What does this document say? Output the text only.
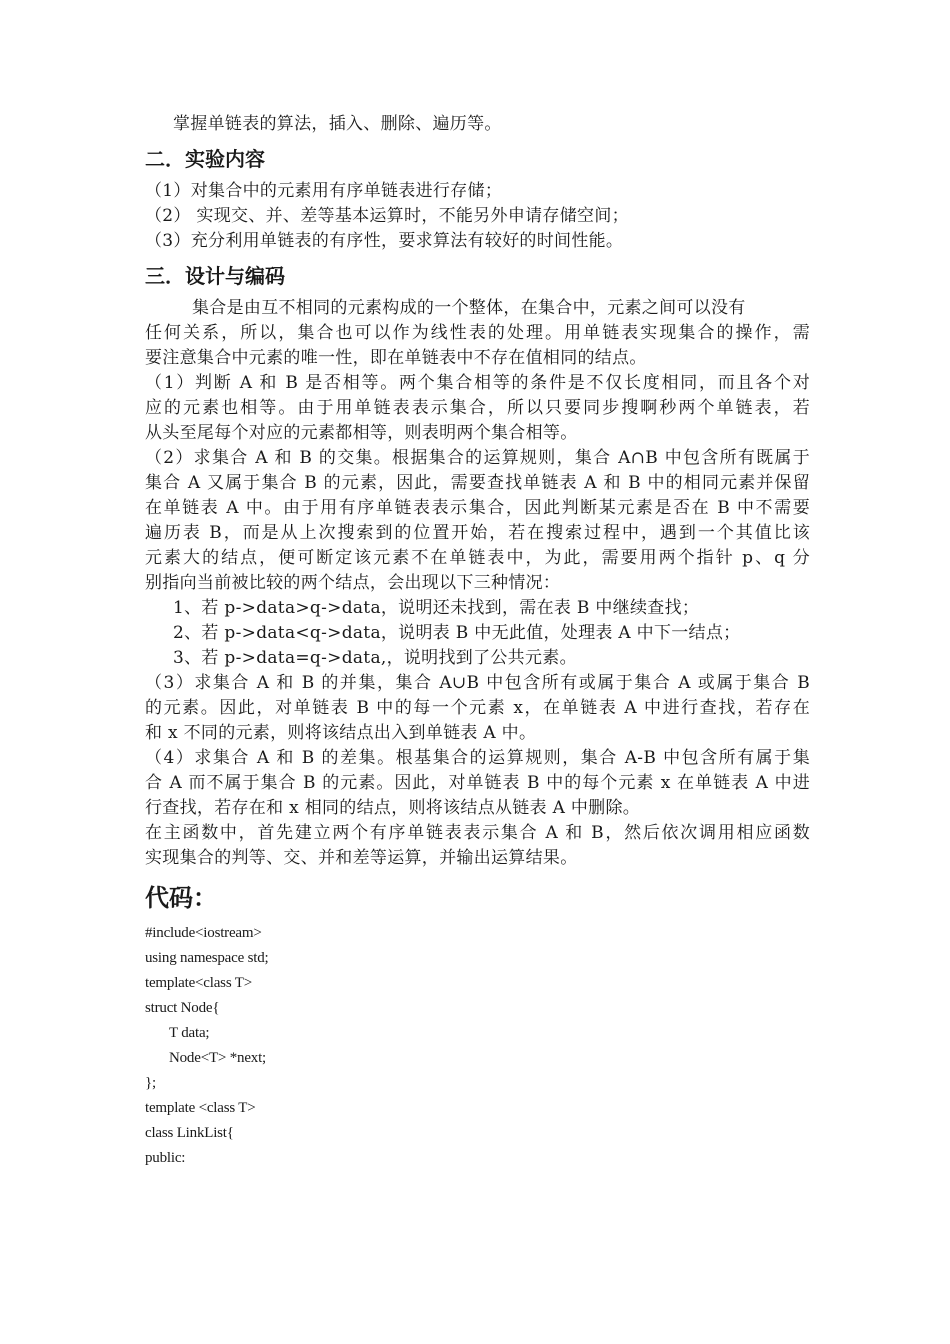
掌握单链表的算法，插入、删除、遍历等。

二．实验内容

（1）对集合中的元素用有序单链表进行存储；

（2） 实现交、并、差等基本运算时，不能另外申请存储空间；

（3）充分利用单链表的有序性，要求算法有较好的时间性能。

三．设计与编码

集合是由互不相同的元素构成的一个整体，在集合中，元素之间可以没有

任何关系，所以，集合也可以作为线性表的处理。用单链表实现集合的操作，需

要注意集合中元素的唯一性，即在单链表中不存在值相同的结点。

（1）判断 A 和 B 是否相等。两个集合相等的条件是不仅长度相同，而且各个对

应的元素也相等。由于用单链表表示集合，所以只要同步搜啊秒两个单链表，若

从头至尾每个对应的元素都相等，则表明两个集合相等。

（2）求集合 A 和 B 的交集。根据集合的运算规则，集合 A∩B 中包含所有既属于

集合 A 又属于集合 B 的元素，因此，需要查找单链表 A 和 B 中的相同元素并保留

在单链表 A 中。由于用有序单链表表示集合，因此判断某元素是否在 B 中不需要

遍历表 B，而是从上次搜索到的位置开始，若在搜索过程中，遇到一个其值比该

元素大的结点，便可断定该元素不在单链表中，为此，需要用两个指针 p、q 分

别指向当前被比较的两个结点，会出现以下三种情况：

1、若 p->data>q->data，说明还未找到，需在表 B 中继续查找；

2、若 p->data<q->data，说明表 B 中无此值，处理表 A 中下一结点；

3、若 p->data=q->data,，说明找到了公共元素。

（3）求集合 A 和 B 的并集，集合 A∪B 中包含所有或属于集合 A 或属于集合 B

的元素。因此，对单链表 B 中的每一个元素 x，在单链表 A 中进行查找，若存在

和 x 不同的元素，则将该结点出入到单链表 A 中。

（4）求集合 A 和 B 的差集。根基集合的运算规则，集合 A-B 中包含所有属于集

合 A 而不属于集合 B 的元素。因此，对单链表 B 中的每个元素 x 在单链表 A 中进

行查找，若存在和 x 相同的结点，则将该结点从链表 A 中删除。

在主函数中，首先建立两个有序单链表表示集合 A 和 B，然后依次调用相应函数

实现集合的判等、交、并和差等运算，并输出运算结果。

代码：

#include<iostream>

using namespace std;

template<class T>

struct Node{

T data;

Node<T> *next;

};

template <class T>

class LinkList{

public:
